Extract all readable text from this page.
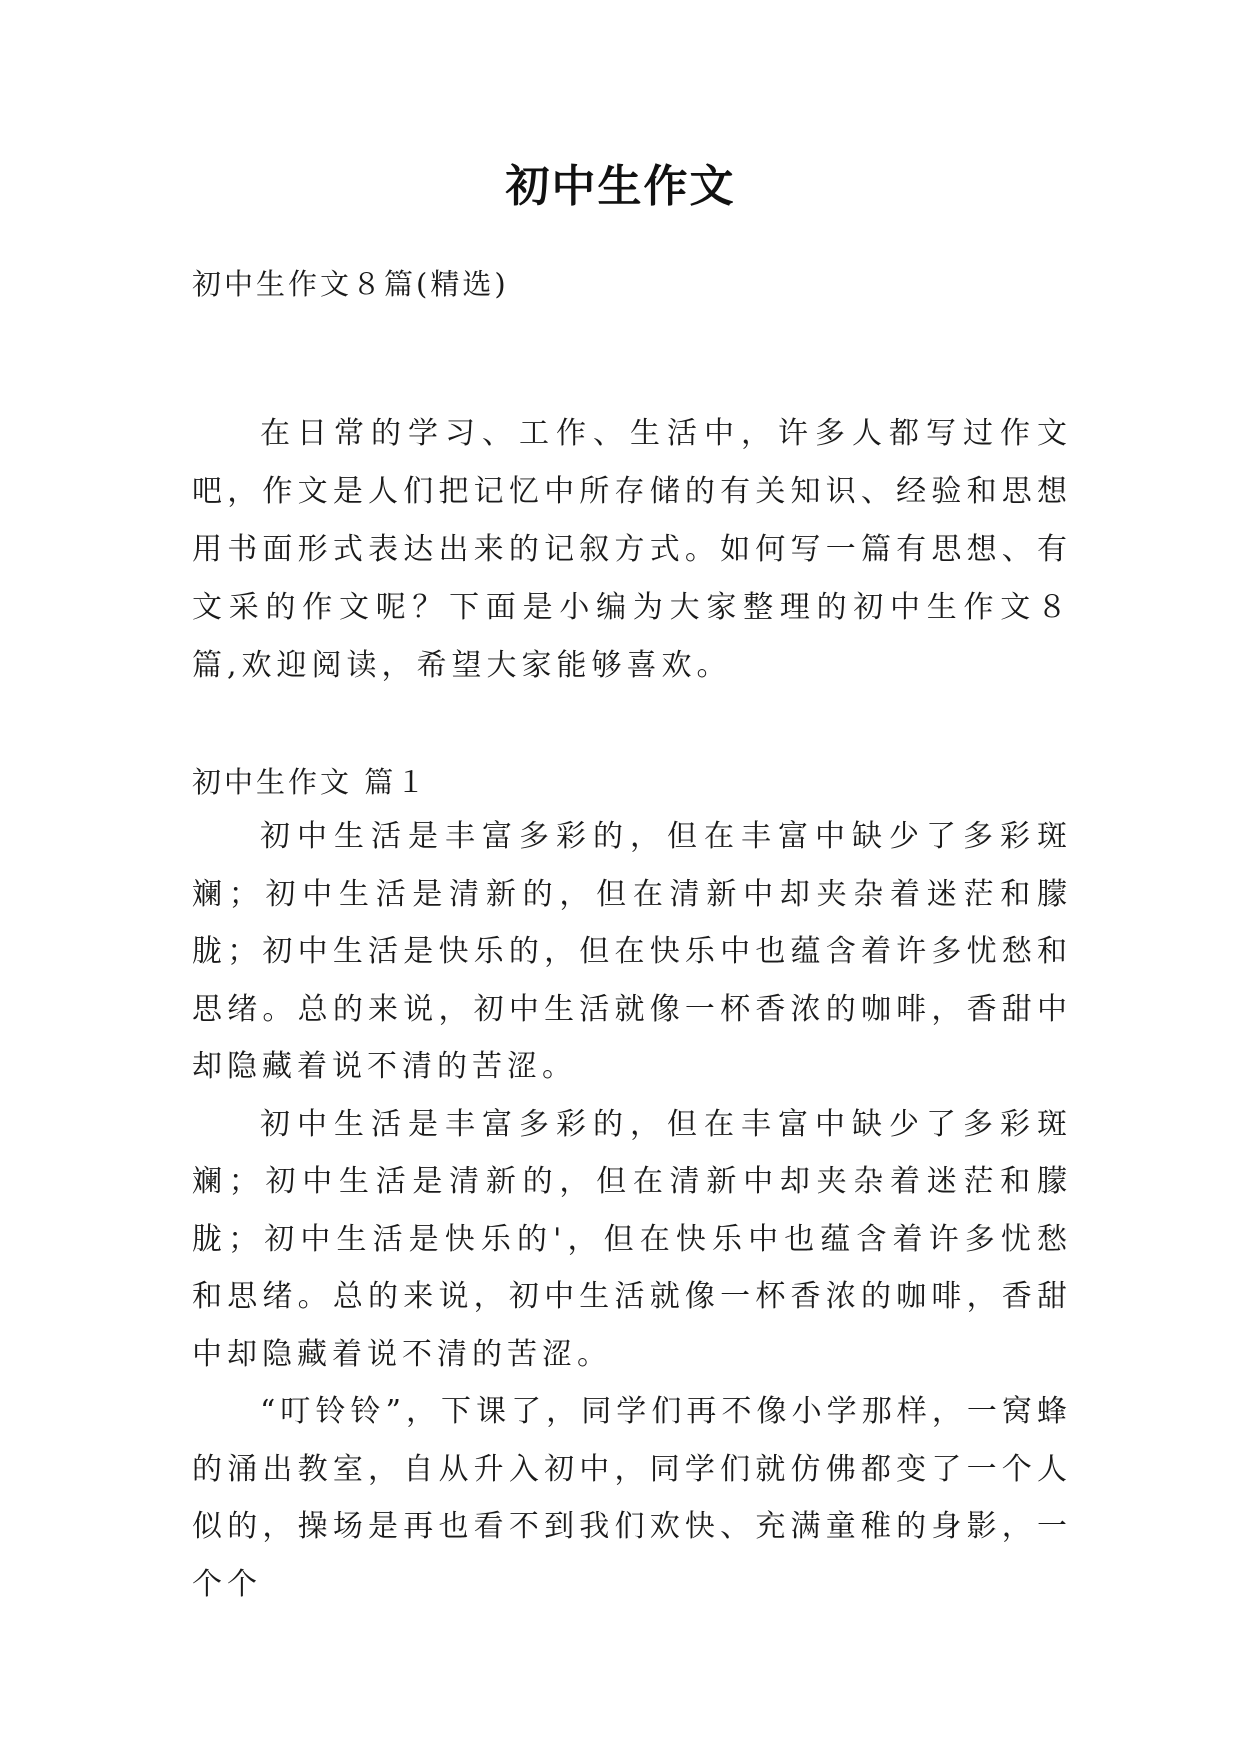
初中生作文

初中生作文８篇(精选)

在日常的学习、工作、生活中，许多人都写过作文吧，作文是人们把记忆中所存储的有关知识、经验和思想用书面形式表达出来的记叙方式。如何写一篇有思想、有文采的作文呢？下面是小编为大家整理的初中生作文８篇,欢迎阅读，希望大家能够喜欢。

初中生作文 篇１

初中生活是丰富多彩的，但在丰富中缺少了多彩斑斓；初中生活是清新的，但在清新中却夹杂着迷茫和朦胧；初中生活是快乐的，但在快乐中也蕴含着许多忧愁和思绪。总的来说，初中生活就像一杯香浓的咖啡，香甜中却隐藏着说不清的苦涩。

初中生活是丰富多彩的，但在丰富中缺少了多彩斑斓；初中生活是清新的，但在清新中却夹杂着迷茫和朦胧；初中生活是快乐的'，但在快乐中也蕴含着许多忧愁和思绪。总的来说，初中生活就像一杯香浓的咖啡，香甜中却隐藏着说不清的苦涩。

“叮铃铃”，下课了，同学们再不像小学那样，一窝蜂的涌出教室，自从升入初中，同学们就仿佛都变了一个人似的，操场是再也看不到我们欢快、充满童稚的身影，一个个
